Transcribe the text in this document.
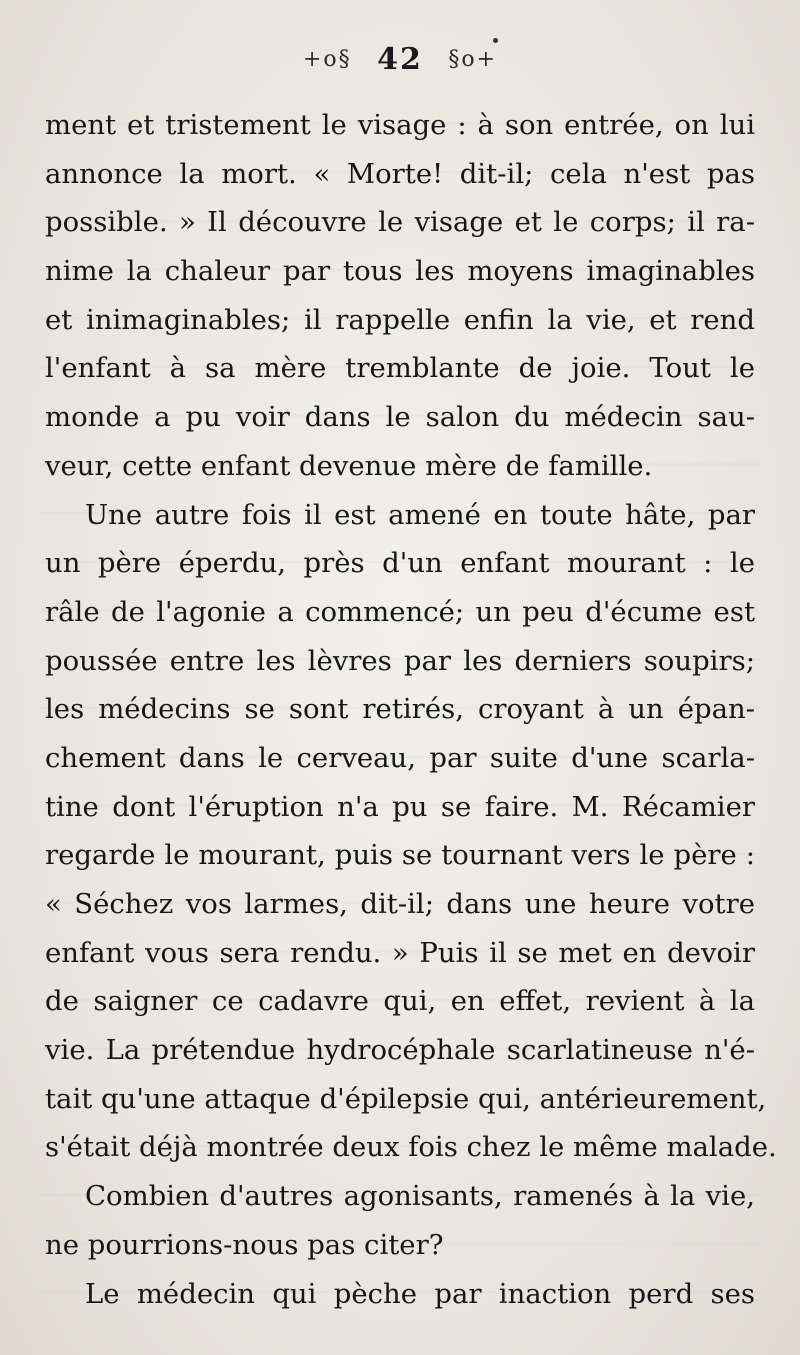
+o§ 42 §o+
ment et tristement le visage : à son entrée, on lui
annonce la mort. « Morte! dit-il; cela n'est pas
possible. » Il découvre le visage et le corps; il ra-
nime la chaleur par tous les moyens imaginables
et inimaginables; il rappelle enfin la vie, et rend
l'enfant à sa mère tremblante de joie. Tout le
monde a pu voir dans le salon du médecin sau-
veur, cette enfant devenue mère de famille.
Une autre fois il est amené en toute hâte, par
un père éperdu, près d'un enfant mourant : le
râle de l'agonie a commencé; un peu d'écume est
poussée entre les lèvres par les derniers soupirs;
les médecins se sont retirés, croyant à un épan-
chement dans le cerveau, par suite d'une scarla-
tine dont l'éruption n'a pu se faire. M. Récamier
regarde le mourant, puis se tournant vers le père :
« Séchez vos larmes, dit-il; dans une heure votre
enfant vous sera rendu. » Puis il se met en devoir
de saigner ce cadavre qui, en effet, revient à la
vie. La prétendue hydrocéphale scarlatineuse n'é-
tait qu'une attaque d'épilepsie qui, antérieurement,
s'était déjà montrée deux fois chez le même malade.
Combien d'autres agonisants, ramenés à la vie,
ne pourrions-nous pas citer?
Le médecin qui pèche par inaction perd ses
